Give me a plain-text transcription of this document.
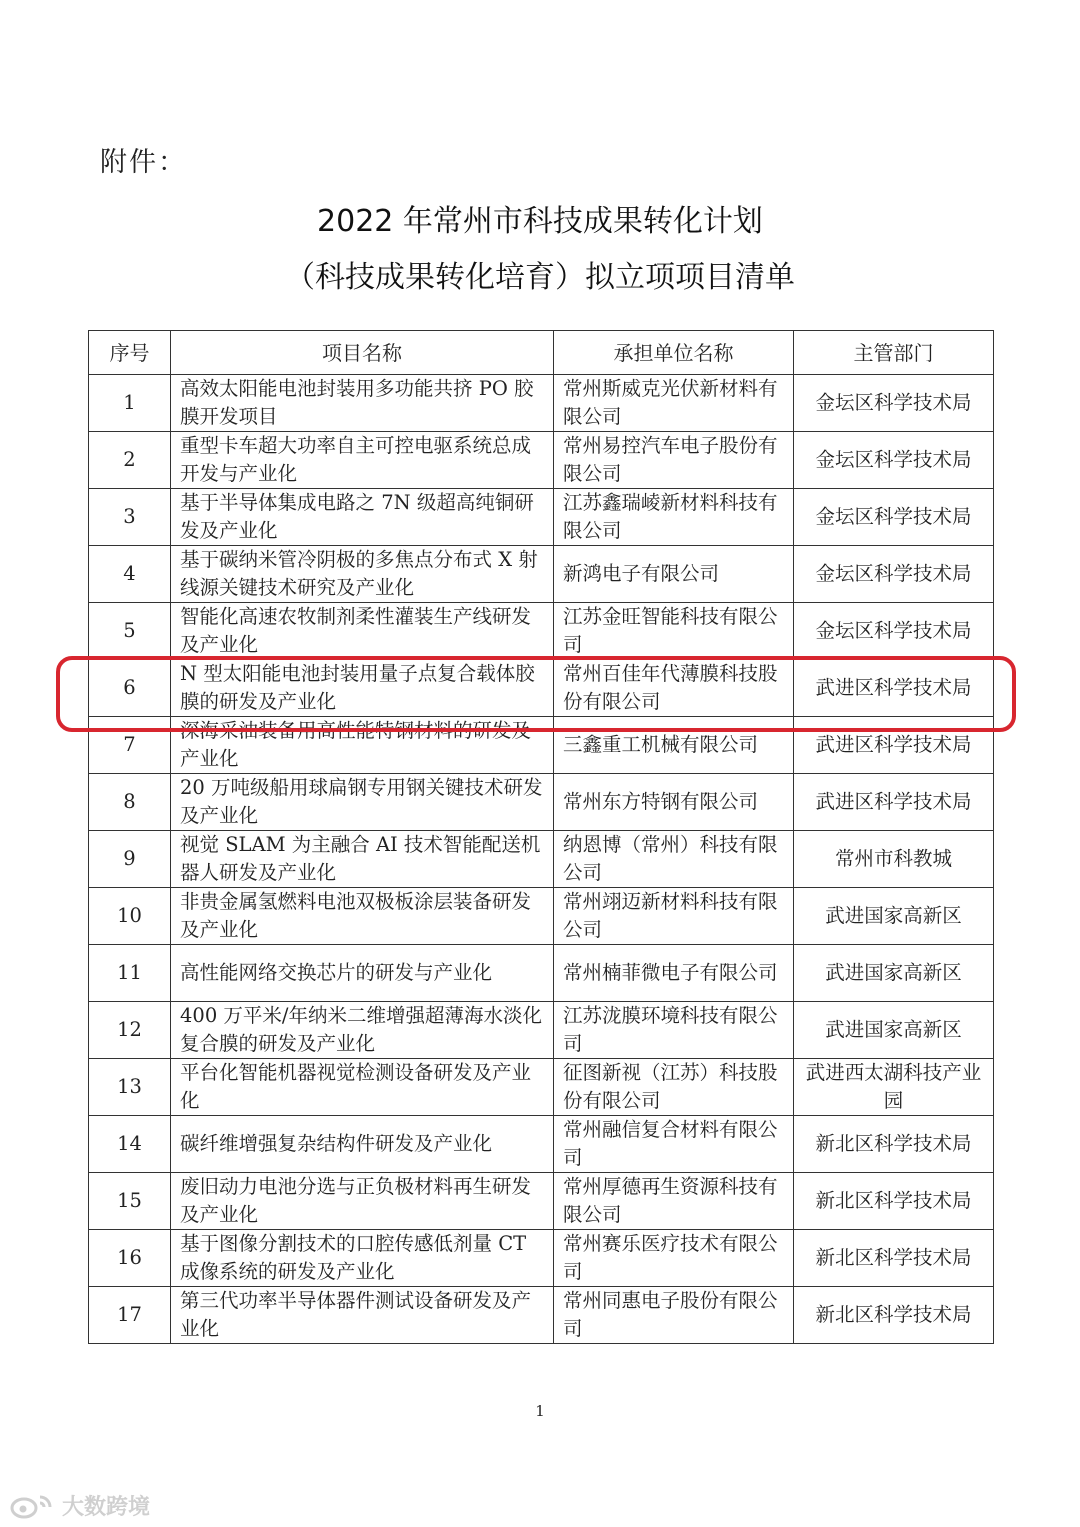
附件：
2022 年常州市科技成果转化计划
（科技成果转化培育）拟立项项目清单
序号	项目名称	承担单位名称	主管部门
1	高效太阳能电池封装用多功能共挤 PO 胶膜开发项目	常州斯威克光伏新材料有限公司	金坛区科学技术局
2	重型卡车超大功率自主可控电驱系统总成开发与产业化	常州易控汽车电子股份有限公司	金坛区科学技术局
3	基于半导体集成电路之 7N 级超高纯铜研发及产业化	江苏鑫瑞崚新材料科技有限公司	金坛区科学技术局
4	基于碳纳米管冷阴极的多焦点分布式 X 射线源关键技术研究及产业化	新鸿电子有限公司	金坛区科学技术局
5	智能化高速农牧制剂柔性灌装生产线研发及产业化	江苏金旺智能科技有限公司	金坛区科学技术局
6	N 型太阳能电池封装用量子点复合载体胶膜的研发及产业化	常州百佳年代薄膜科技股份有限公司	武进区科学技术局
7	深海采油装备用高性能特钢材料的研发及产业化	三鑫重工机械有限公司	武进区科学技术局
8	20 万吨级船用球扁钢专用钢关键技术研发及产业化	常州东方特钢有限公司	武进区科学技术局
9	视觉 SLAM 为主融合 AI 技术智能配送机器人研发及产业化	纳恩博（常州）科技有限公司	常州市科教城
10	非贵金属氢燃料电池双极板涂层装备研发及产业化	常州翊迈新材料科技有限公司	武进国家高新区
11	高性能网络交换芯片的研发与产业化	常州楠菲微电子有限公司	武进国家高新区
12	400 万平米/年纳米二维增强超薄海水淡化复合膜的研发及产业化	江苏泷膜环境科技有限公司	武进国家高新区
13	平台化智能机器视觉检测设备研发及产业化	征图新视（江苏）科技股份有限公司	武进西太湖科技产业园
14	碳纤维增强复杂结构件研发及产业化	常州融信复合材料有限公司	新北区科学技术局
15	废旧动力电池分选与正负极材料再生研发及产业化	常州厚德再生资源科技有限公司	新北区科学技术局
16	基于图像分割技术的口腔传感低剂量 CT 成像系统的研发及产业化	常州赛乐医疗技术有限公司	新北区科学技术局
17	第三代功率半导体器件测试设备研发及产业化	常州同惠电子股份有限公司	新北区科学技术局
1
大数跨境
